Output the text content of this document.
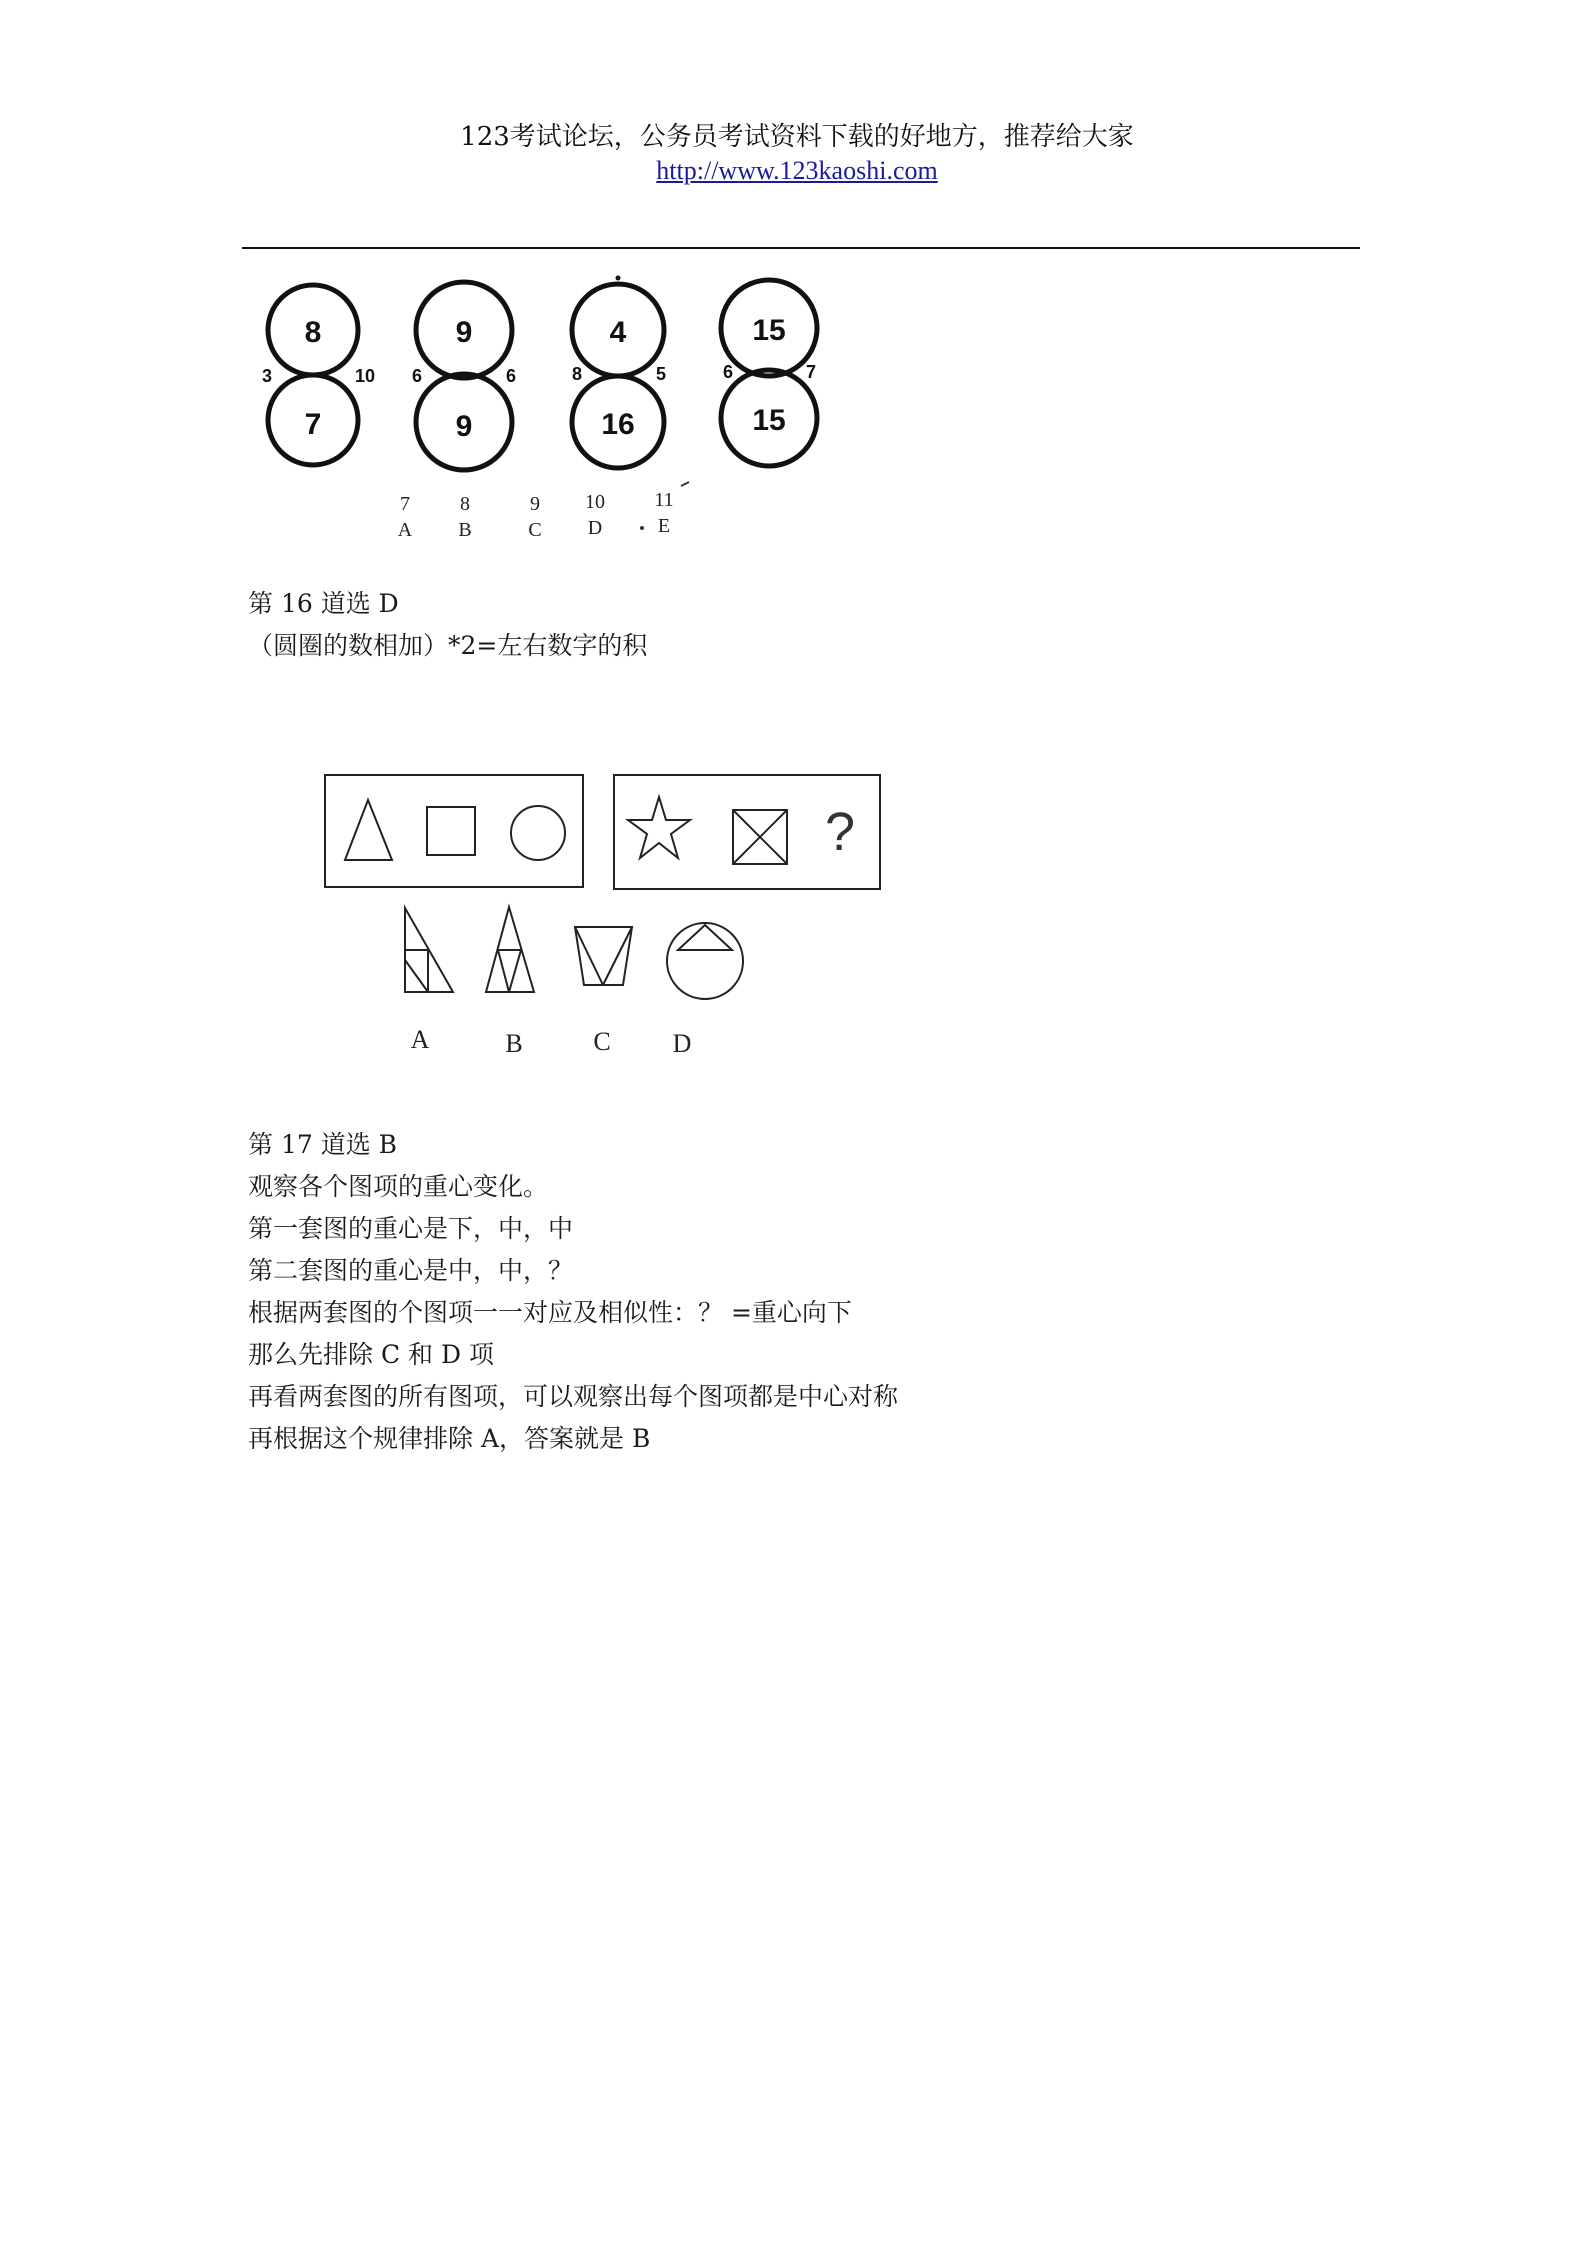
123考试论坛，公务员考试资料下载的好地方，推荐给大家
http://www.123kaoshi.com
8
7
3	10
9
9
6	6
4
16
8	5
15
15
6	7
7
A
8
B
9
C
10
D
11
E
第 16 道选 D
（圆圈的数相加）*2=左右数字的积
?
A	B	C D
第 17 道选 B
观察各个图项的重心变化。
第一套图的重心是下，中，中
第二套图的重心是中，中，？
根据两套图的个图项一一对应及相似性：？ =重心向下
那么先排除 C 和 D 项
再看两套图的所有图项，可以观察出每个图项都是中心对称
再根据这个规律排除 A，答案就是 B
